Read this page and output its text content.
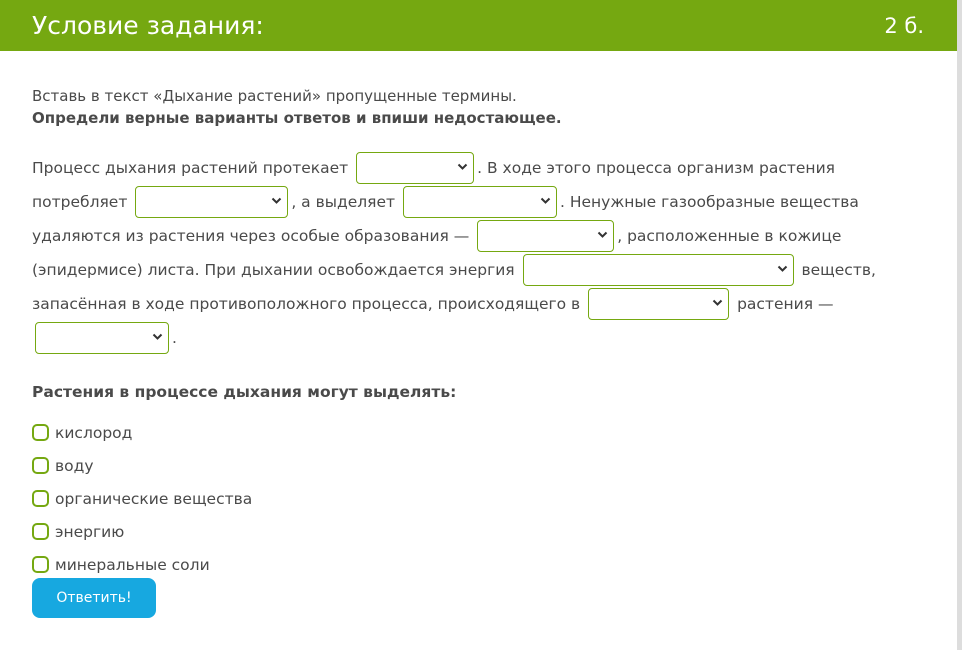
Условие задания:	2 б.
Вставь в текст «Дыхание растений» пропущенные термины.
Определи верные варианты ответов и впиши недостающее.
Процесс дыхания растений протекает	. В ходе этого процесса организм растения потребляет	, а выделяет	. Ненужные газообразные вещества удаляются из растения через особые образования —	, расположенные в кожице (эпидермисе) листа. При дыхании освобождается энергия	веществ, запасённая в ходе противоположного процесса, происходящего в	растения —
.
Растения в процессе дыхания могут выделять:
кислород
воду
органические вещества
энергию
минеральные соли
Ответить!
